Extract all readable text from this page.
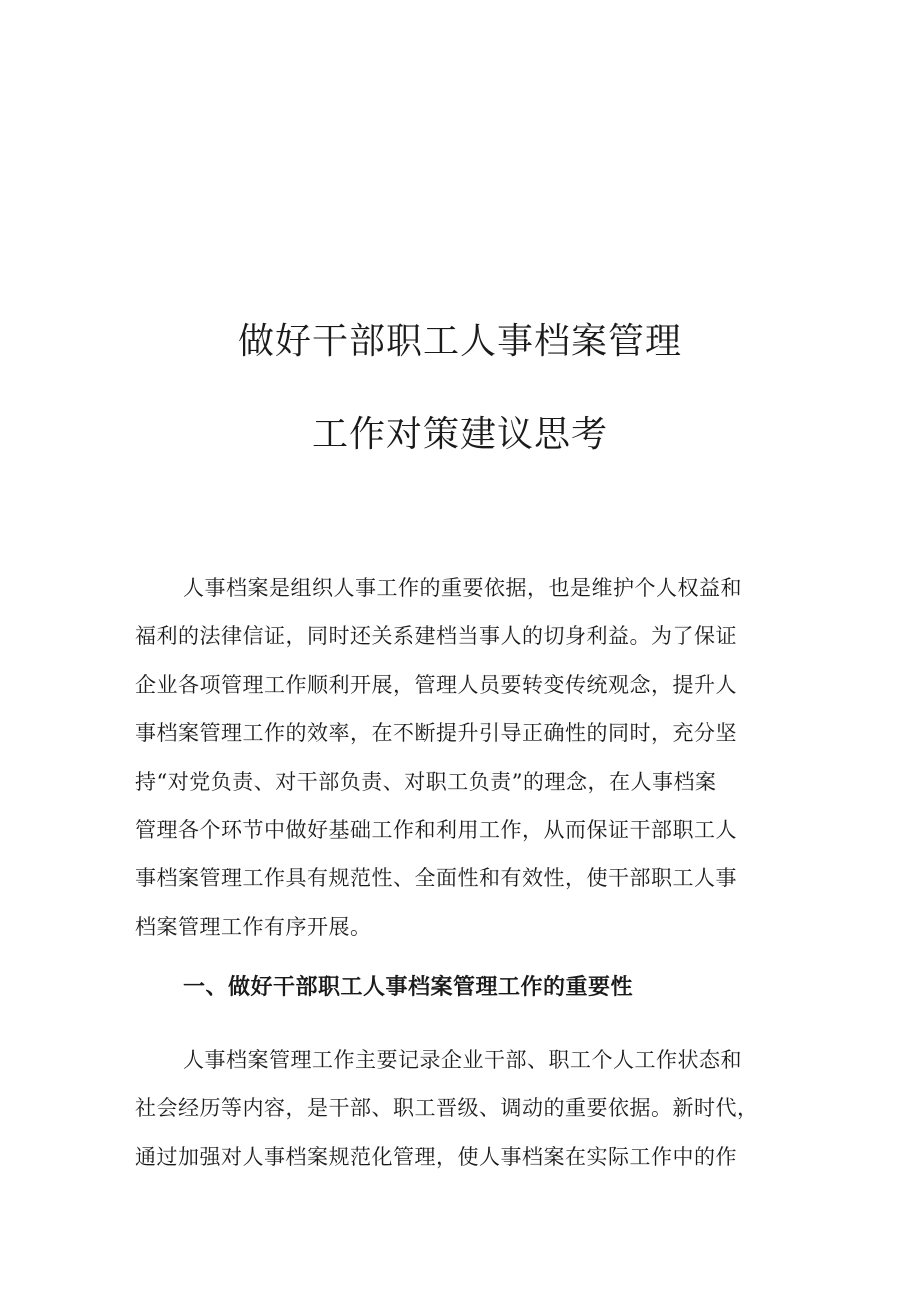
做好干部职工人事档案管理
工作对策建议思考
人事档案是组织人事工作的重要依据，也是维护个人权益和
福利的法律信证，同时还关系建档当事人的切身利益。为了保证
企业各项管理工作顺利开展，管理人员要转变传统观念，提升人
事档案管理工作的效率，在不断提升引导正确性的同时，充分坚
持“对党负责、对干部负责、对职工负责”的理念，在人事档案
管理各个环节中做好基础工作和利用工作，从而保证干部职工人
事档案管理工作具有规范性、全面性和有效性，使干部职工人事
档案管理工作有序开展。
一、做好干部职工人事档案管理工作的重要性
人事档案管理工作主要记录企业干部、职工个人工作状态和
社会经历等内容，是干部、职工晋级、调动的重要依据。新时代，
通过加强对人事档案规范化管理，使人事档案在实际工作中的作
